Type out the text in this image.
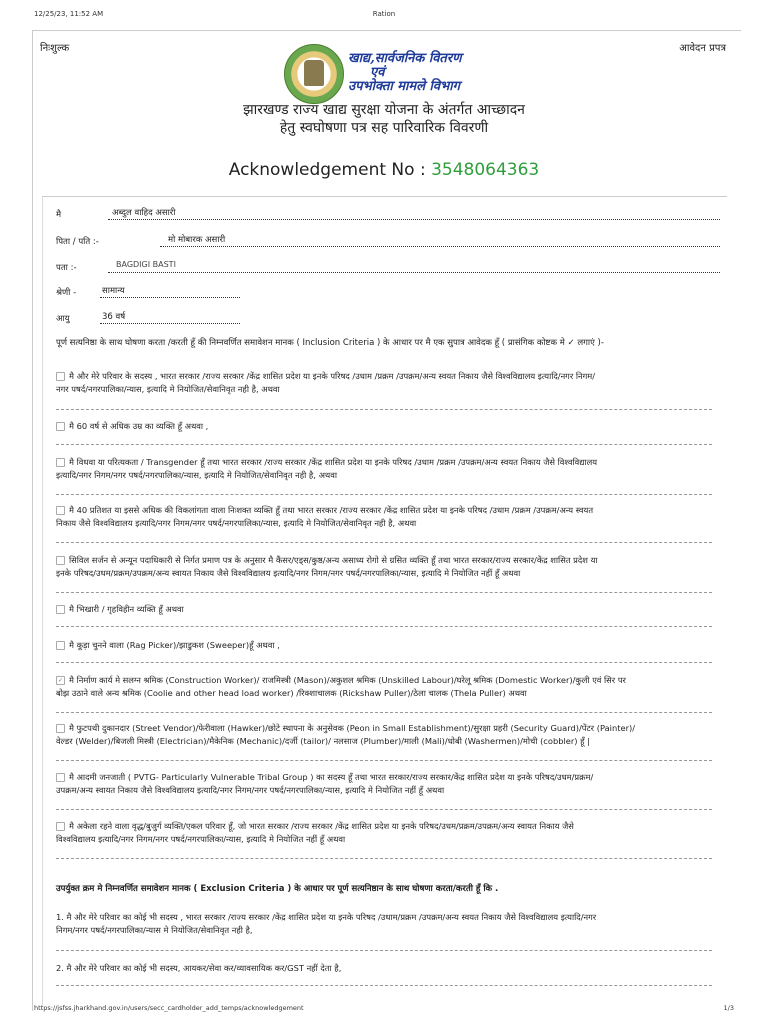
12/25/23, 11:52 AM	Ration
निःशुल्क	आवेदन प्रपत्र
खाद्य,सार्वजनिक वितरण
एवं
उपभोक्ता मामले विभाग
झारखण्ड राज्य खाद्य सुरक्षा योजना के अंतर्गत आच्छादन
हेतु स्वघोषणा पत्र सह पारिवारिक विवरणी
Acknowledgement No : 3548064363
मै	अब्दुल वाहिद असारी
पिता / पति :-	मो मोबारक असारी
पता :-	BAGDIGI BASTI
श्रेणी -	सामान्य
आयु	36 वर्ष
पूर्ण सत्यनिष्ठा के साथ घोषणा करता /करती हूँ की निम्नवर्णित समावेशन मानक ( Inclusion Criteria ) के आधार पर मै एक सुपात्र आवेदक हूँ ( प्रासंगिक कोष्टक मे ✓ लगाएं )-
मै और मेरे परिवार के सदस्य , भारत सरकार /राज्य सरकार /केंद्र शासित प्रदेश या इनके परिषद /उधाम /प्रक्रम /उपक्रम/अन्य स्वयत निकाय जैसे विश्वविद्यालय इत्यादि/नगर निगम/
नगर पषर्द/नगरपालिका/न्यास, इत्यादि मे नियोजित/सेवानिवृत नही है, अथवा
मै 60 वर्ष से अधिक उम्र का व्यक्ति हूँ अथवा ,
मै विधवा या परित्यकता / Transgender हूँ तथा भारत सरकार /राज्य सरकार /केंद्र शासित प्रदेश या इनके परिषद /उधाम /प्रक्रम /उपक्रम/अन्य स्वयत निकाय जैसे विश्वविद्यालय
इत्यादि/नगर निगम/नगर पषर्द/नगरपालिका/न्यास, इत्यादि मे नियोजित/सेवानिवृत नही है, अथवा
मै 40 प्रतिशत या इससे अधिक की विकलांगता वाला निःशक्त व्यक्ति हूँ तथा भारत सरकार /राज्य सरकार /केंद्र शासित प्रदेश या इनके परिषद /उधाम /प्रक्रम /उपक्रम/अन्य स्वयत
निकाय जैसे विश्वविद्यालय इत्यादि/नगर निगम/नगर पषर्द/नगरपालिका/न्यास, इत्यादि मे नियोजित/सेवानिवृत नही है, अथवा
सिविल सर्जन से अन्यून पदाधिकारी से निर्गत प्रमाण पत्र के अनुसार मै कैंसर/एड्स/कुष्ठ/अन्य असाध्य रोगो से ग्रसित व्यक्ति हूँ तथा भारत सरकार/राज्य सरकार/केंद्र शासित प्रदेश या
इनके परिषद/उधम/प्रक्रम/उपक्रम/अन्य स्वायत निकाय जैसे विश्वविद्यालय इत्यादि/नगर निगम/नगर पषर्द/नगरपालिका/न्यास, इत्यादि मे नियोजित नहीं हूँ अथवा
मै भिखारी / गृहविहीन व्यक्ति हूँ अथवा
मै कूड़ा चुनने वाला (Rag Picker)/झाडुकश (Sweeper)हूँ अथवा ,
✓ मै निर्माण कार्य मे सलग्न श्रमिक (Construction Worker)/ राजमिस्त्री (Mason)/अकुशल श्रमिक (Unskilled Labour)/घरेलू श्रमिक (Domestic Worker)/कुली एवं सिर पर
बोझ उठाने वाले अन्य श्रमिक (Coolie and other head load worker) /रिक्शाचालक (Rickshaw Puller)/ठेला चालक (Thela Puller) अथवा
मै फुटपथी दुकानदार (Street Vendor)/फेरीवाला (Hawker)/छोटे स्थापना के अनुसेवक (Peon in Small Establishment)/सुरक्षा प्रहरी (Security Guard)/पेंटर (Painter)/
वेल्डर (Welder)/बिजली मिस्त्री (Electrician)/मैकेनिक (Mechanic)/दर्जी (tailor)/ नलसाज (Plumber)/माली (Mali)/धोबी (Washermen)/मोची (cobbler) हूँ |
मै आदमी जनजाती ( PVTG- Particularly Vulnerable Tribal Group ) का सदस्य हूँ तथा भारत सरकार/राज्य सरकार/केंद्र शासित प्रदेश या इनके परिषद/उधम/प्रक्रम/
उपक्रम/अन्य स्वायत निकाय जैसे विश्वविद्यालय इत्यादि/नगर निगम/नगर पषर्द/नगरपालिका/न्यास, इत्यादि मे नियोजित नहीं हूँ अथवा
मै अकेला रहने वाला वृद्ध/बुजुर्ग व्यक्ति/एकल परिवार हूँ, जो भारत सरकार /राज्य सरकार /केंद्र शासित प्रदेश या इनके परिषद/उधम/प्रक्रम/उपक्रम/अन्य स्वायत निकाय जैसे
विश्वविद्यालय इत्यादि/नगर निगम/नगर पषर्द/नगरपालिका/न्यास, इत्यादि मे नियोजित नहीं हूँ अथवा
उपर्युक्त क्रम मे निम्नवर्णित समावेशन मानक ( Exclusion Criteria ) के आधार पर पूर्ण सत्यनिष्ठान के साथ घोषणा करता/करती हूँ कि .
1. मै और मेरे परिवार का कोई भी सदस्य , भारत सरकार /राज्य सरकार /केंद्र शासित प्रदेश या इनके परिषद /उधाम/प्रक्रम /उपक्रम/अन्य स्वयत निकाय जैसे विश्वविद्यालय इत्यादि/नगर
निगम/नगर पषर्द/नगरपालिका/न्यास मे नियोजित/सेवानिवृत नही है,
2. मै और मेरे परिवार का कोई भी सदस्य, आयकर/सेवा कर/व्यावसायिक कर/GST नहीं देता है,
https://jsfss.jharkhand.gov.in/users/secc_cardholder_add_temps/acknowledgement	1/3
